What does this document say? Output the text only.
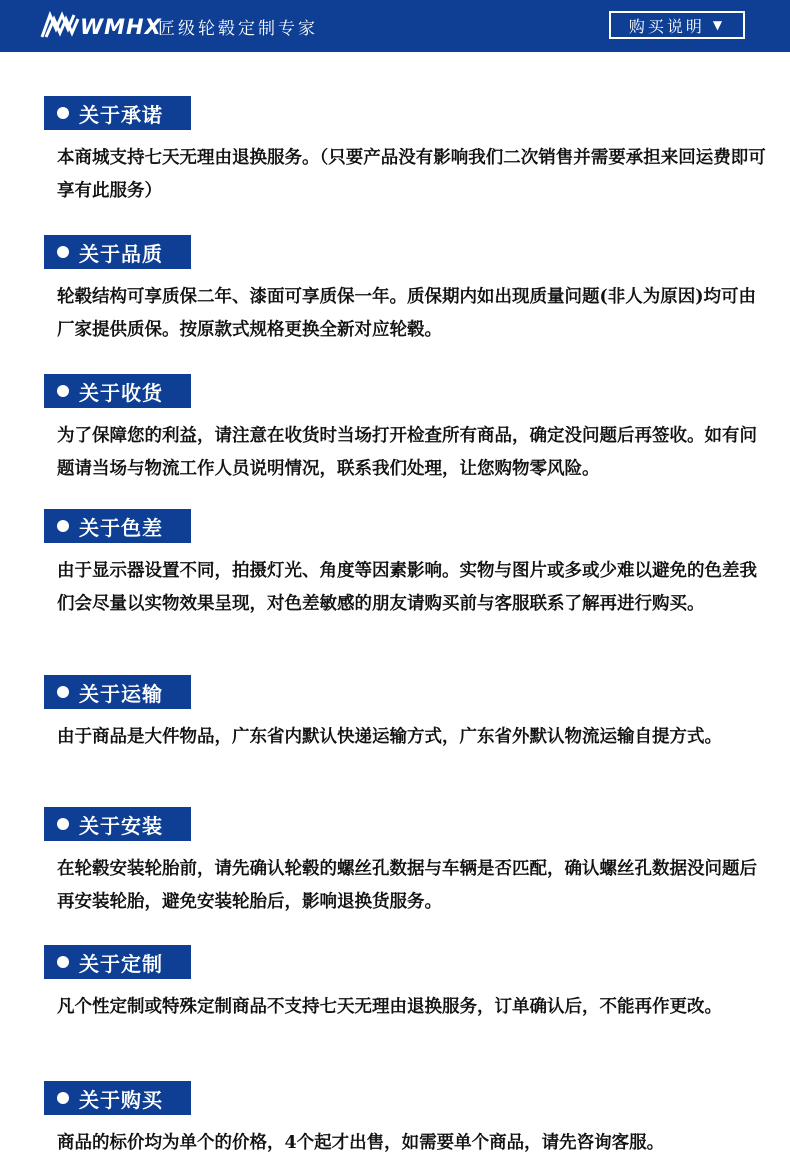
WMHX
匠级轮毂定制专家	购买说明 ▼
关于承诺
本商城支持七天无理由退换服务。（只要产品没有影响我们二次销售并需要承担来回运费即可享有此服务）
关于品质
轮毂结构可享质保二年、漆面可享质保一年。质保期内如出现质量问题(非人为原因)均可由厂家提供质保。按原款式规格更换全新对应轮毂。
关于收货
为了保障您的利益，请注意在收货时当场打开检查所有商品，确定没问题后再签收。如有问题请当场与物流工作人员说明情况，联系我们处理，让您购物零风险。
关于色差
由于显示器设置不同，拍摄灯光、角度等因素影响。实物与图片或多或少难以避免的色差我们会尽量以实物效果呈现，对色差敏感的朋友请购买前与客服联系了解再进行购买。
关于运输
由于商品是大件物品，广东省内默认快递运输方式，广东省外默认物流运输自提方式。
关于安装
在轮毂安装轮胎前，请先确认轮毂的螺丝孔数据与车辆是否匹配，确认螺丝孔数据没问题后再安装轮胎，避免安装轮胎后，影响退换货服务。
关于定制
凡个性定制或特殊定制商品不支持七天无理由退换服务，订单确认后，不能再作更改。
关于购买
商品的标价均为单个的价格，4个起才出售，如需要单个商品，请先咨询客服。
